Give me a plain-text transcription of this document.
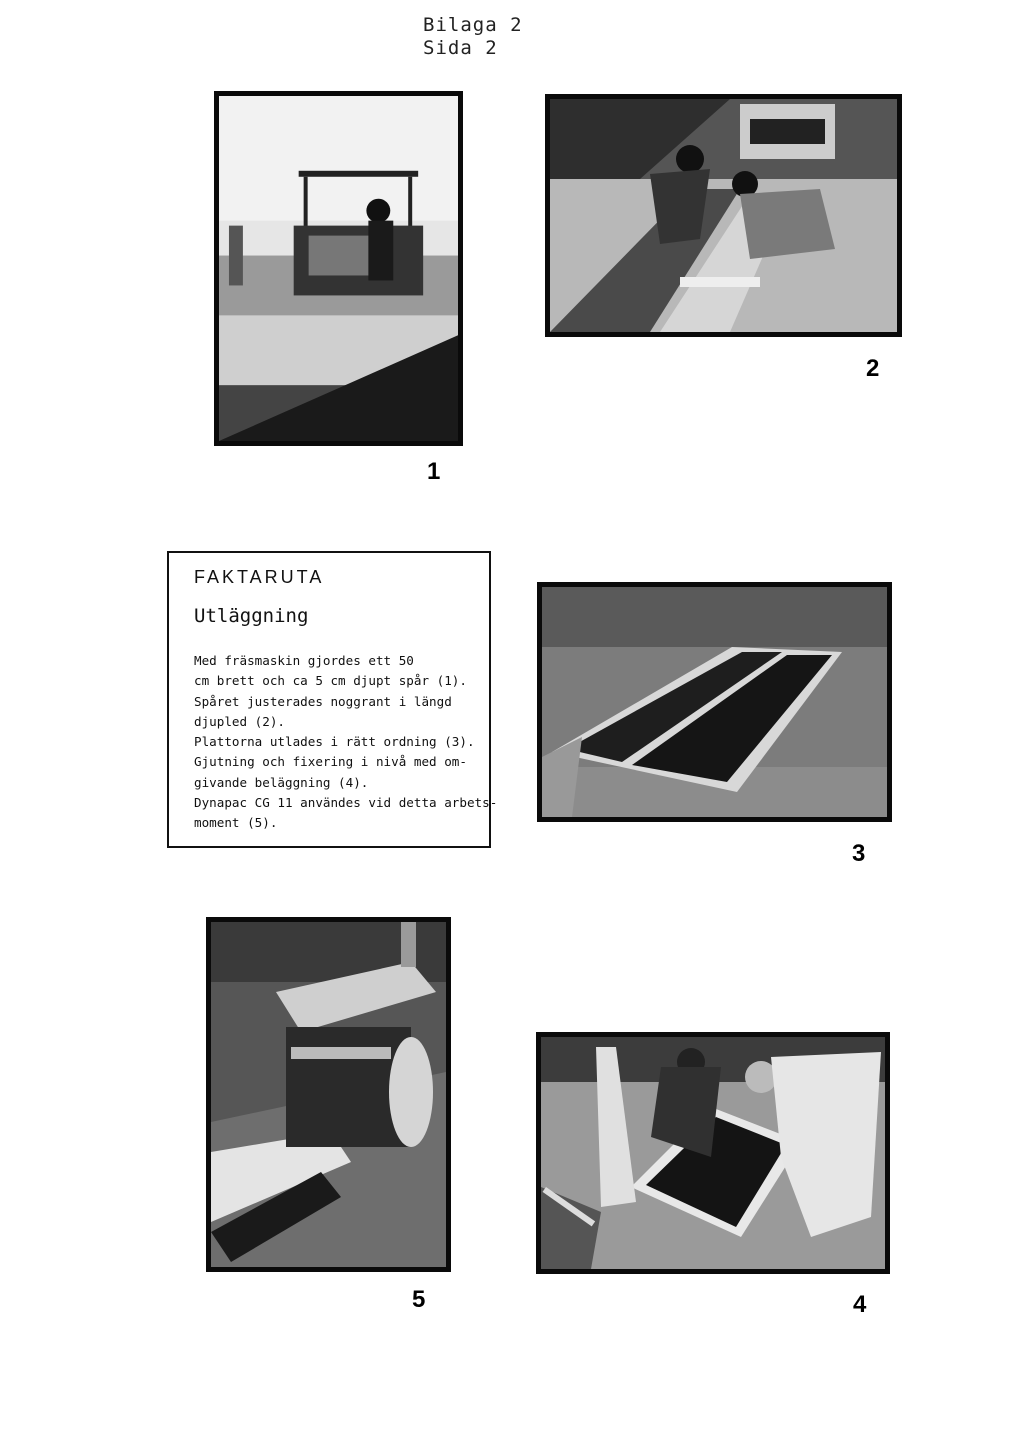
Bilaga 2
Sida 2
1
2
FAKTARUTA
Utläggning
Med fräsmaskin gjordes ett 50
cm brett och ca 5 cm djupt spår (1).
Spåret justerades noggrant i längd
djupled (2).
Plattorna utlades i rätt ordning (3).
Gjutning och fixering i nivå med om-
givande beläggning (4).
Dynapac CG 11 användes vid detta arbets-
moment (5).
3
5	4
